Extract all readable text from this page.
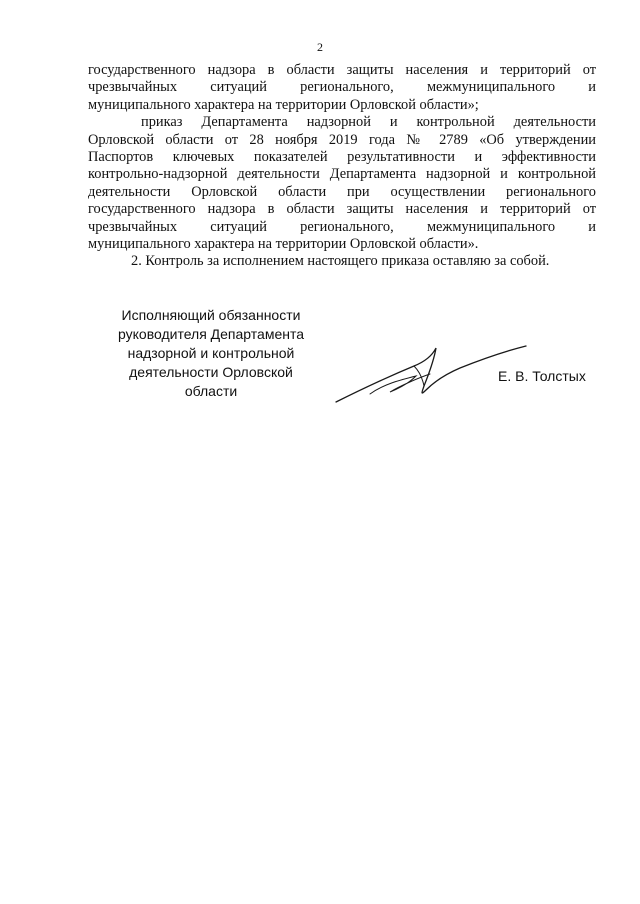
2
государственного надзора в области защиты населения и территорий от
чрезвычайных ситуаций регионального, межмуниципального и
муниципального характера на территории Орловской области»;
приказ Департамента надзорной и контрольной деятельности
Орловской области от 28 ноября 2019 года № 2789 «Об утверждении
Паспортов ключевых показателей результативности и эффективности
контрольно-надзорной деятельности Департамента надзорной и контрольной
деятельности Орловской области при осуществлении регионального
государственного надзора в области защиты населения и территорий от
чрезвычайных ситуаций регионального, межмуниципального и
муниципального характера на территории Орловской области».
2. Контроль за исполнением настоящего приказа оставляю за собой.
Исполняющий обязанности
руководителя Департамента
надзорной и контрольной
деятельности Орловской области
Е. В. Толстых
